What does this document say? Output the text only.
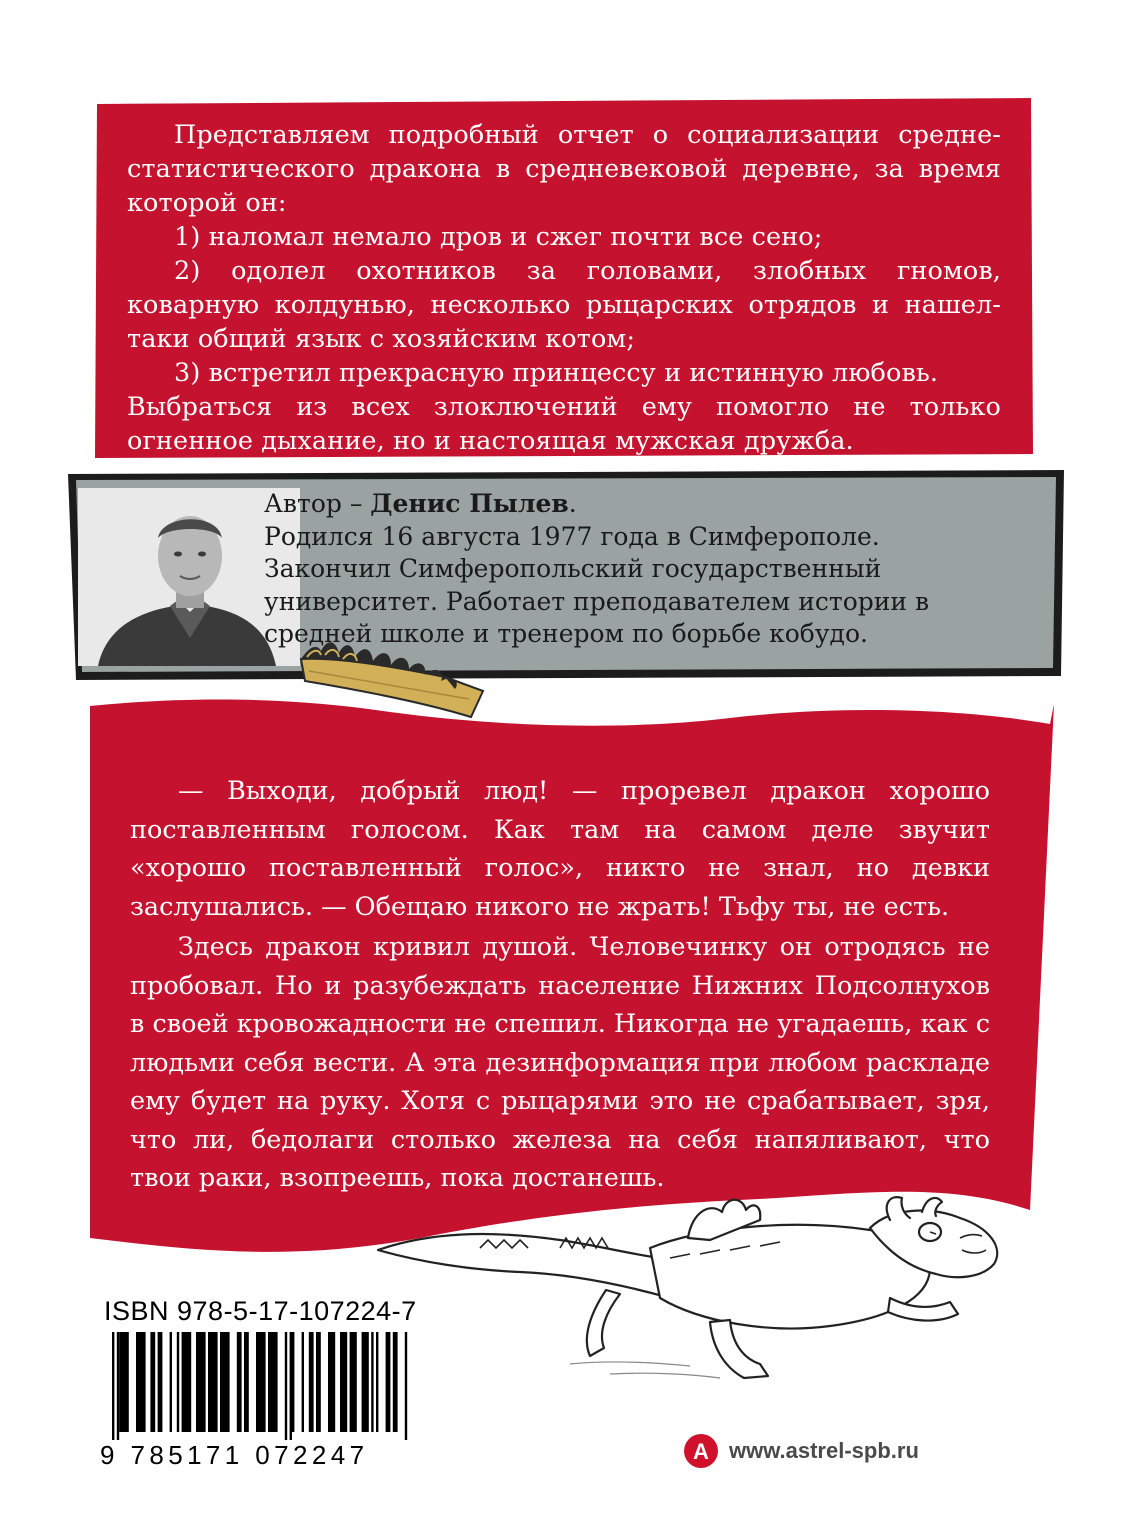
Представляем подробный отчет о социализации средне-статистического дракона в средневековой деревне, за время которой он:

1) наломал немало дров и сжег почти все сено;

2) одолел охотников за головами, злобных гномов, коварную колдунью, несколько рыцарских отрядов и нашел-таки общий язык с хозяйским котом;

3) встретил прекрасную принцессу и истинную любовь.

Выбраться из всех злоключений ему помогло не только огненное дыхание, но и настоящая мужская дружба.

Автор – Денис Пылев.
Родился 16 августа 1977 года в Симферополе.
Закончил Симферопольский государственный университет. Работает преподавателем истории в средней школе и тренером по борьбе кобудо.

— Выходи, добрый люд! — проревел дракон хорошо поставленным голосом. Как там на самом деле звучит «хорошо поставленный голос», никто не знал, но девки заслушались. — Обещаю никого не жрать! Тьфу ты, не есть.

Здесь дракон кривил душой. Человечинку он отродясь не пробовал. Но и разубеждать население Нижних Подсолнухов в своей кровожадности не спешил. Никогда не угадаешь, как с людьми себя вести. А эта дезинформация при любом раскладе ему будет на руку. Хотя с рыцарями это не срабатывает, зря, что ли, бедолаги столько железа на себя напяливают, что твои раки, взопреешь, пока достанешь.

ISBN 978-5-17-107224-7
9 785171 072247	А www.astrel-spb.ru
